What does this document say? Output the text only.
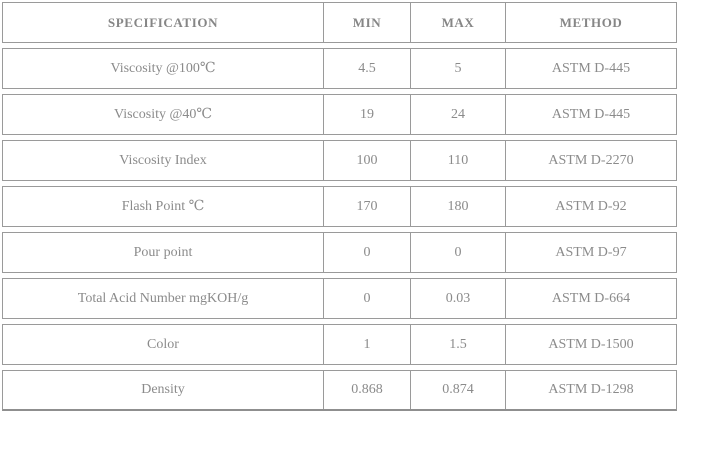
SPECIFICATION	MIN	MAX	METHOD
Viscosity @100℃	4.5	5	ASTM D-445
Viscosity @40℃	19	24	ASTM D-445
Viscosity Index	100	110	ASTM D-2270
Flash Point ℃	170	180	ASTM D-92
Pour point	0	0	ASTM D-97
Total Acid Number mgKOH/g	0	0.03	ASTM D-664
Color	1	1.5	ASTM D-1500
Density	0.868	0.874	ASTM D-1298
